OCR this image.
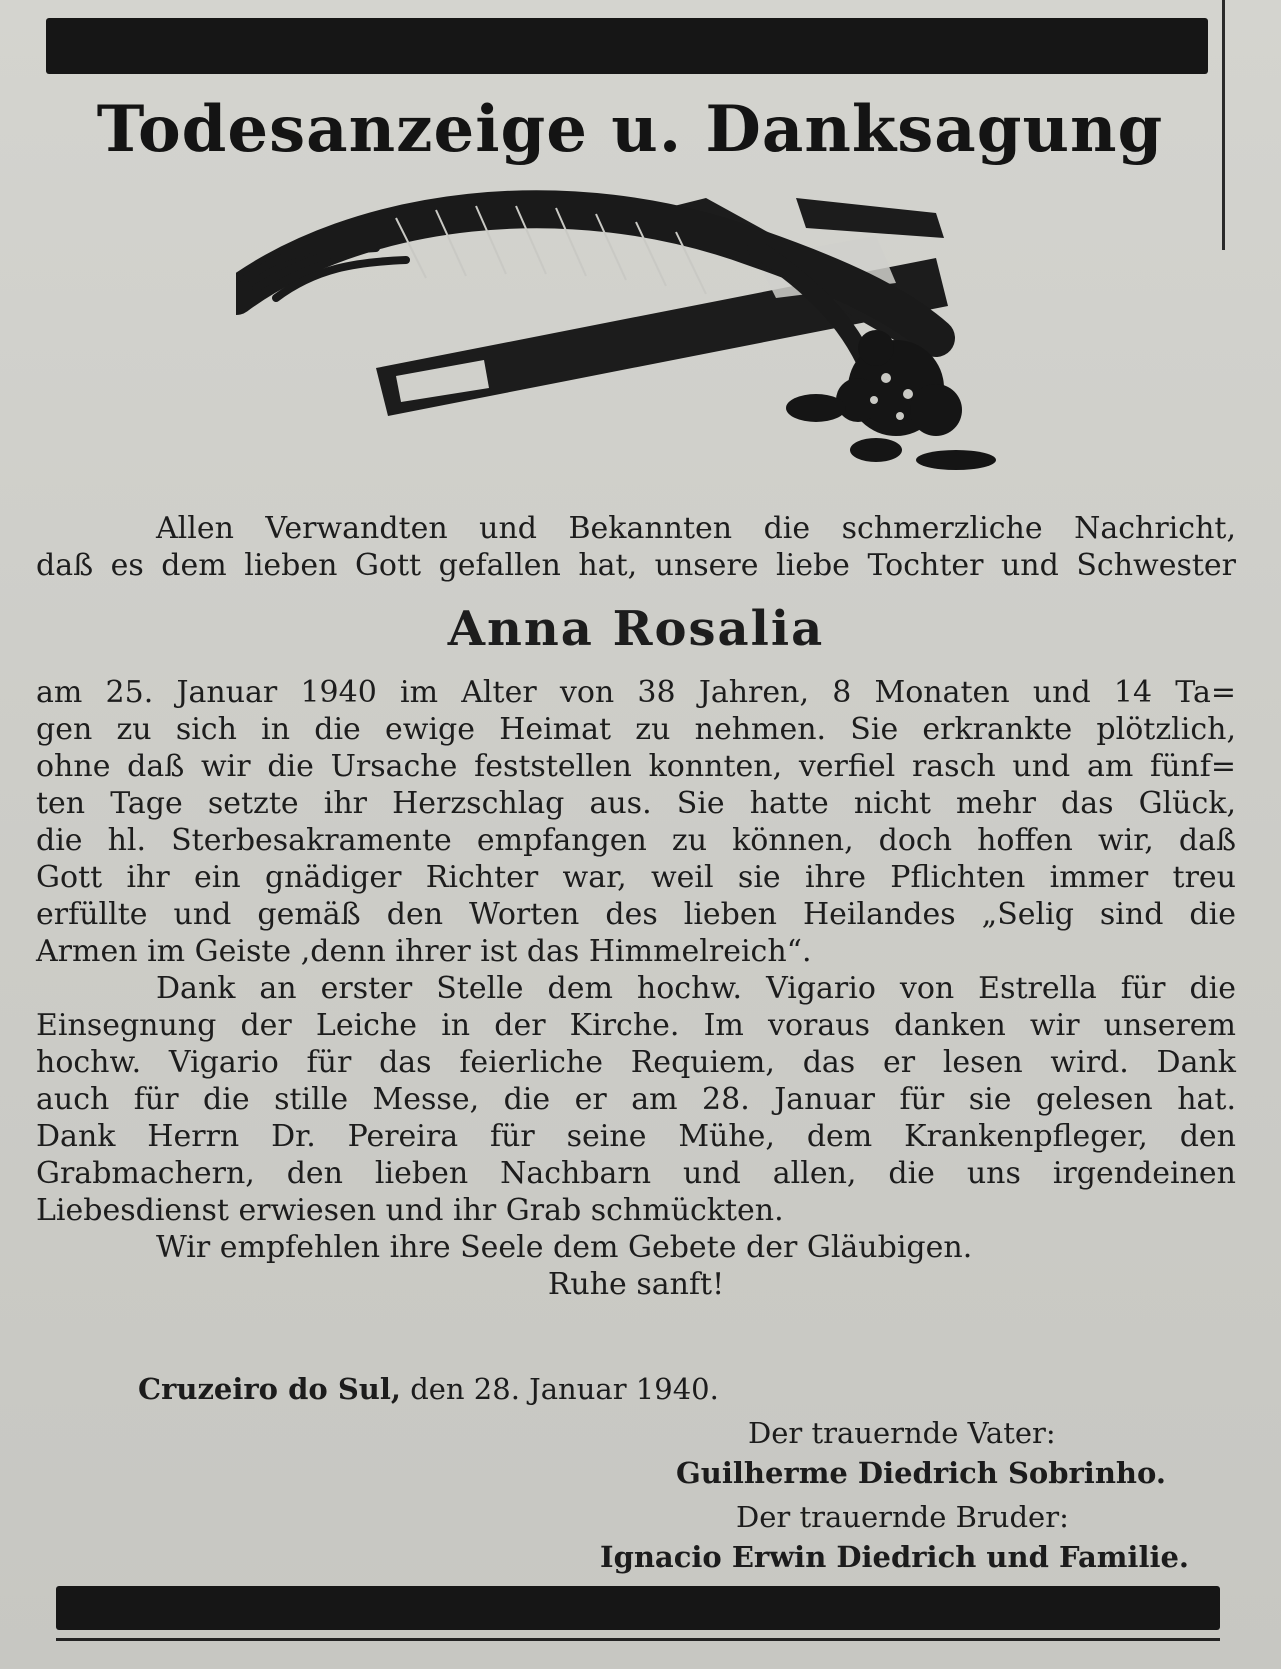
Todesanzeige u. Danksagung
Allen Verwandten und Bekannten die schmerzliche Nachricht,
daß es dem lieben Gott gefallen hat, unsere liebe Tochter und Schwester
Anna Rosalia
am 25. Januar 1940 im Alter von 38 Jahren, 8 Monaten und 14 Ta=
gen zu sich in die ewige Heimat zu nehmen. Sie erkrankte plötzlich,
ohne daß wir die Ursache feststellen konnten, verfiel rasch und am fünf=
ten Tage setzte ihr Herzschlag aus. Sie hatte nicht mehr das Glück,
die hl. Sterbesakramente empfangen zu können, doch hoffen wir, daß
Gott ihr ein gnädiger Richter war, weil sie ihre Pflichten immer treu
erfüllte und gemäß den Worten des lieben Heilandes „Selig sind die
Armen im Geiste ,denn ihrer ist das Himmelreich“.
Dank an erster Stelle dem hochw. Vigario von Estrella für die
Einsegnung der Leiche in der Kirche. Im voraus danken wir unserem
hochw. Vigario für das feierliche Requiem, das er lesen wird. Dank
auch für die stille Messe, die er am 28. Januar für sie gelesen hat.
Dank Herrn Dr. Pereira für seine Mühe, dem Krankenpfleger, den
Grabmachern, den lieben Nachbarn und allen, die uns irgendeinen
Liebesdienst erwiesen und ihr Grab schmückten.
Wir empfehlen ihre Seele dem Gebete der Gläubigen.
Ruhe sanft!
Cruzeiro do Sul, den 28. Januar 1940.
Der trauernde Vater:
Guilherme Diedrich Sobrinho.
Der trauernde Bruder:
Ignacio Erwin Diedrich und Familie.
